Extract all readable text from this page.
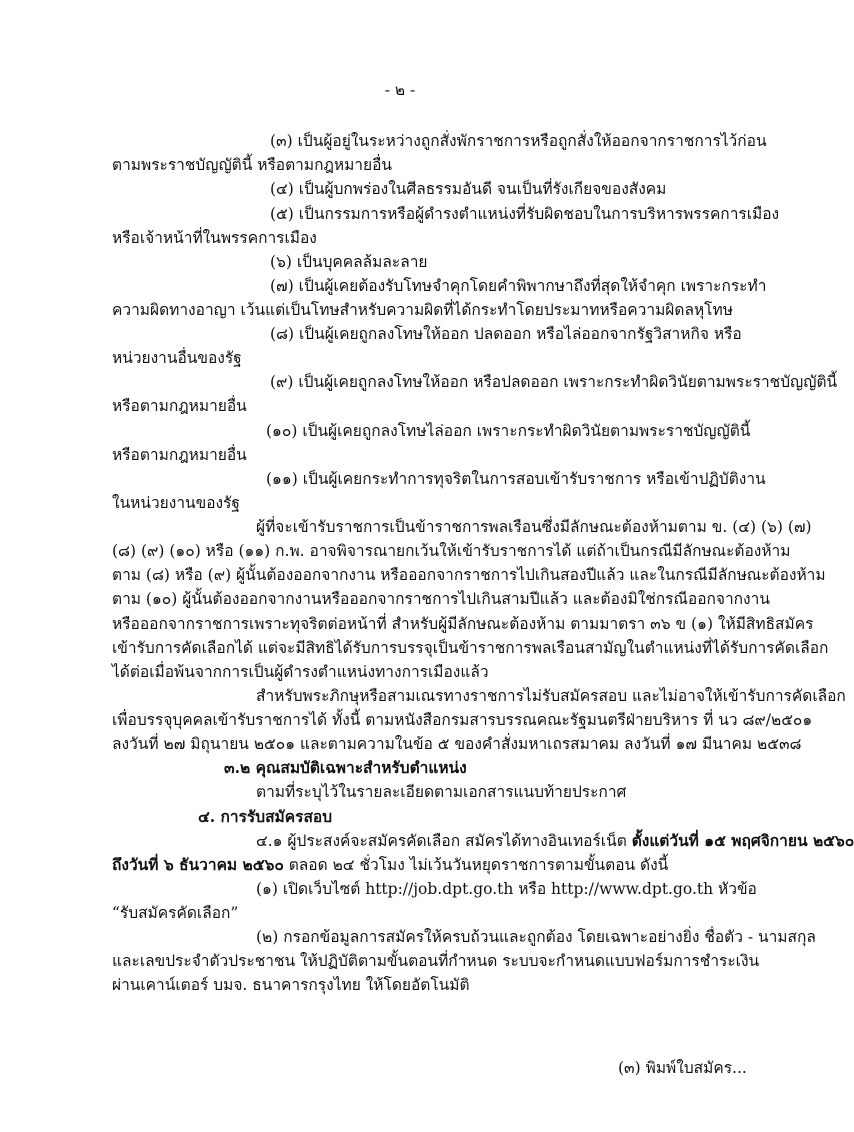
- ๒ -

(๓) เป็นผู้อยู่ในระหว่างถูกสั่งพักราชการหรือถูกสั่งให้ออกจากราชการไว้ก่อน

ตามพระราชบัญญัตินี้ หรือตามกฎหมายอื่น

(๔) เป็นผู้บกพร่องในศีลธรรมอันดี จนเป็นที่รังเกียจของสังคม

(๕) เป็นกรรมการหรือผู้ดำรงตำแหน่งที่รับผิดชอบในการบริหารพรรคการเมือง

หรือเจ้าหน้าที่ในพรรคการเมือง

(๖) เป็นบุคคลล้มละลาย

(๗) เป็นผู้เคยต้องรับโทษจำคุกโดยคำพิพากษาถึงที่สุดให้จำคุก เพราะกระทำ

ความผิดทางอาญา เว้นแต่เป็นโทษสำหรับความผิดที่ได้กระทำโดยประมาทหรือความผิดลหุโทษ

(๘) เป็นผู้เคยถูกลงโทษให้ออก ปลดออก หรือไล่ออกจากรัฐวิสาหกิจ หรือ

หน่วยงานอื่นของรัฐ

(๙) เป็นผู้เคยถูกลงโทษให้ออก หรือปลดออก เพราะกระทำผิดวินัยตามพระราชบัญญัตินี้

หรือตามกฎหมายอื่น

(๑๐) เป็นผู้เคยถูกลงโทษไล่ออก เพราะกระทำผิดวินัยตามพระราชบัญญัตินี้

หรือตามกฎหมายอื่น

(๑๑) เป็นผู้เคยกระทำการทุจริตในการสอบเข้ารับราชการ หรือเข้าปฏิบัติงาน

ในหน่วยงานของรัฐ

ผู้ที่จะเข้ารับราชการเป็นข้าราชการพลเรือนซึ่งมีลักษณะต้องห้ามตาม ข. (๔) (๖) (๗)

(๘) (๙) (๑๐) หรือ (๑๑) ก.พ. อาจพิจารณายกเว้นให้เข้ารับราชการได้ แต่ถ้าเป็นกรณีมีลักษณะต้องห้าม

ตาม (๘) หรือ (๙) ผู้นั้นต้องออกจากงาน หรือออกจากราชการไปเกินสองปีแล้ว และในกรณีมีลักษณะต้องห้าม

ตาม (๑๐) ผู้นั้นต้องออกจากงานหรือออกจากราชการไปเกินสามปีแล้ว และต้องมิใช่กรณีออกจากงาน

หรือออกจากราชการเพราะทุจริตต่อหน้าที่ สำหรับผู้มีลักษณะต้องห้าม ตามมาตรา ๓๖ ข (๑) ให้มีสิทธิสมัคร

เข้ารับการคัดเลือกได้ แต่จะมีสิทธิได้รับการบรรจุเป็นข้าราชการพลเรือนสามัญในตำแหน่งที่ได้รับการคัดเลือก

ได้ต่อเมื่อพ้นจากการเป็นผู้ดำรงตำแหน่งทางการเมืองแล้ว

สำหรับพระภิกษุหรือสามเณรทางราชการไม่รับสมัครสอบ และไม่อาจให้เข้ารับการคัดเลือก

เพื่อบรรจุบุคคลเข้ารับราชการได้ ทั้งนี้ ตามหนังสือกรมสารบรรณคณะรัฐมนตรีฝ่ายบริหาร ที่ นว ๘๙/๒๕๐๑

ลงวันที่ ๒๗ มิถุนายน ๒๕๐๑ และตามความในข้อ ๕ ของคำสั่งมหาเถรสมาคม ลงวันที่ ๑๗ มีนาคม ๒๕๓๘

๓.๒ คุณสมบัติเฉพาะสำหรับตำแหน่ง

ตามที่ระบุไว้ในรายละเอียดตามเอกสารแนบท้ายประกาศ

๔. การรับสมัครสอบ

๔.๑ ผู้ประสงค์จะสมัครคัดเลือก สมัครได้ทางอินเทอร์เน็ต ตั้งแต่วันที่ ๑๕ พฤศจิกายน ๒๕๖๐

ถึงวันที่ ๖ ธันวาคม ๒๕๖๐ ตลอด ๒๔ ชั่วโมง ไม่เว้นวันหยุดราชการตามขั้นตอน ดังนี้

(๑) เปิดเว็บไซต์ http://job.dpt.go.th หรือ http://www.dpt.go.th หัวข้อ

“รับสมัครคัดเลือก”

(๒) กรอกข้อมูลการสมัครให้ครบถ้วนและถูกต้อง โดยเฉพาะอย่างยิ่ง ชื่อตัว - นามสกุล

และเลขประจำตัวประชาชน ให้ปฏิบัติตามขั้นตอนที่กำหนด ระบบจะกำหนดแบบฟอร์มการชำระเงิน

ผ่านเคาน์เตอร์ บมจ. ธนาคารกรุงไทย ให้โดยอัตโนมัติ

(๓) พิมพ์ใบสมัคร...
